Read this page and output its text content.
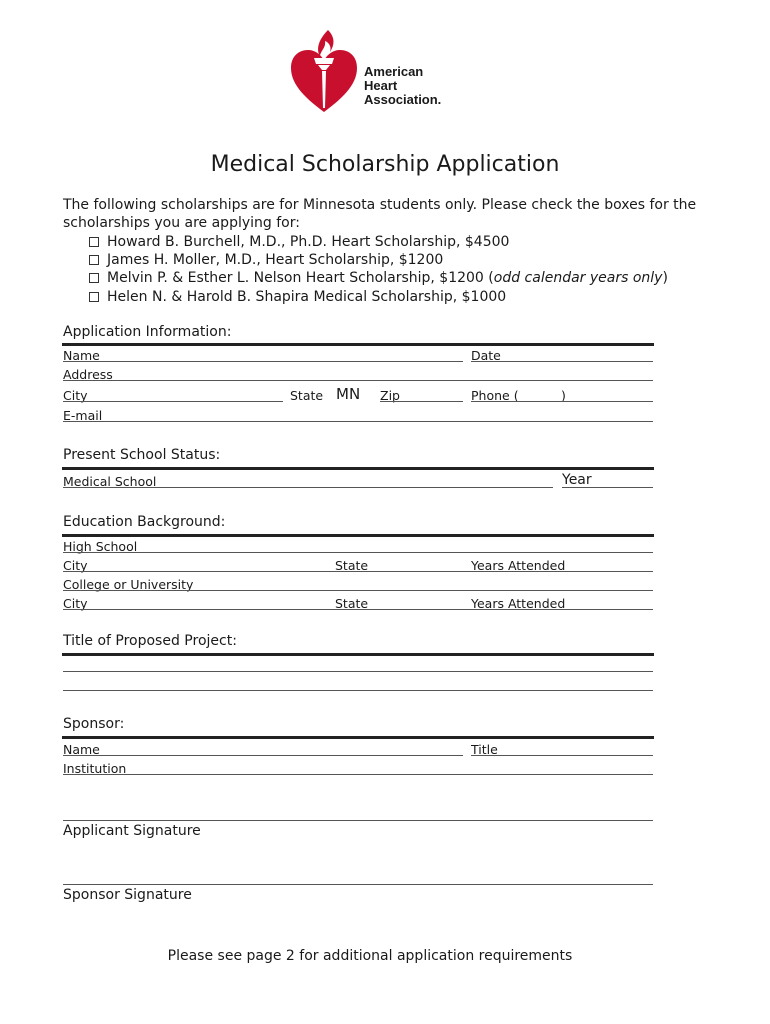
American
Heart
Association.
Medical Scholarship Application
The following scholarships are for Minnesota students only. Please check the boxes for the scholarships you are applying for:
Howard B. Burchell, M.D., Ph.D. Heart Scholarship, $4500
James H. Moller, M.D., Heart Scholarship, $1200
Melvin P. & Esther L. Nelson Heart Scholarship, $1200 ( odd calendar years only )
Helen N. & Harold B. Shapira Medical Scholarship, $1000
Application Information:
Name	Date
Address
City	State MN Zip	Phone (	)
E-mail
Present School Status:
Medical School	Year
Education Background:
High School
City	State	Years Attended
College or University
City	State	Years Attended
Title of Proposed Project:
Sponsor:
Name	Title
Institution
Applicant Signature
Sponsor Signature
Please see page 2 for additional application requirements
